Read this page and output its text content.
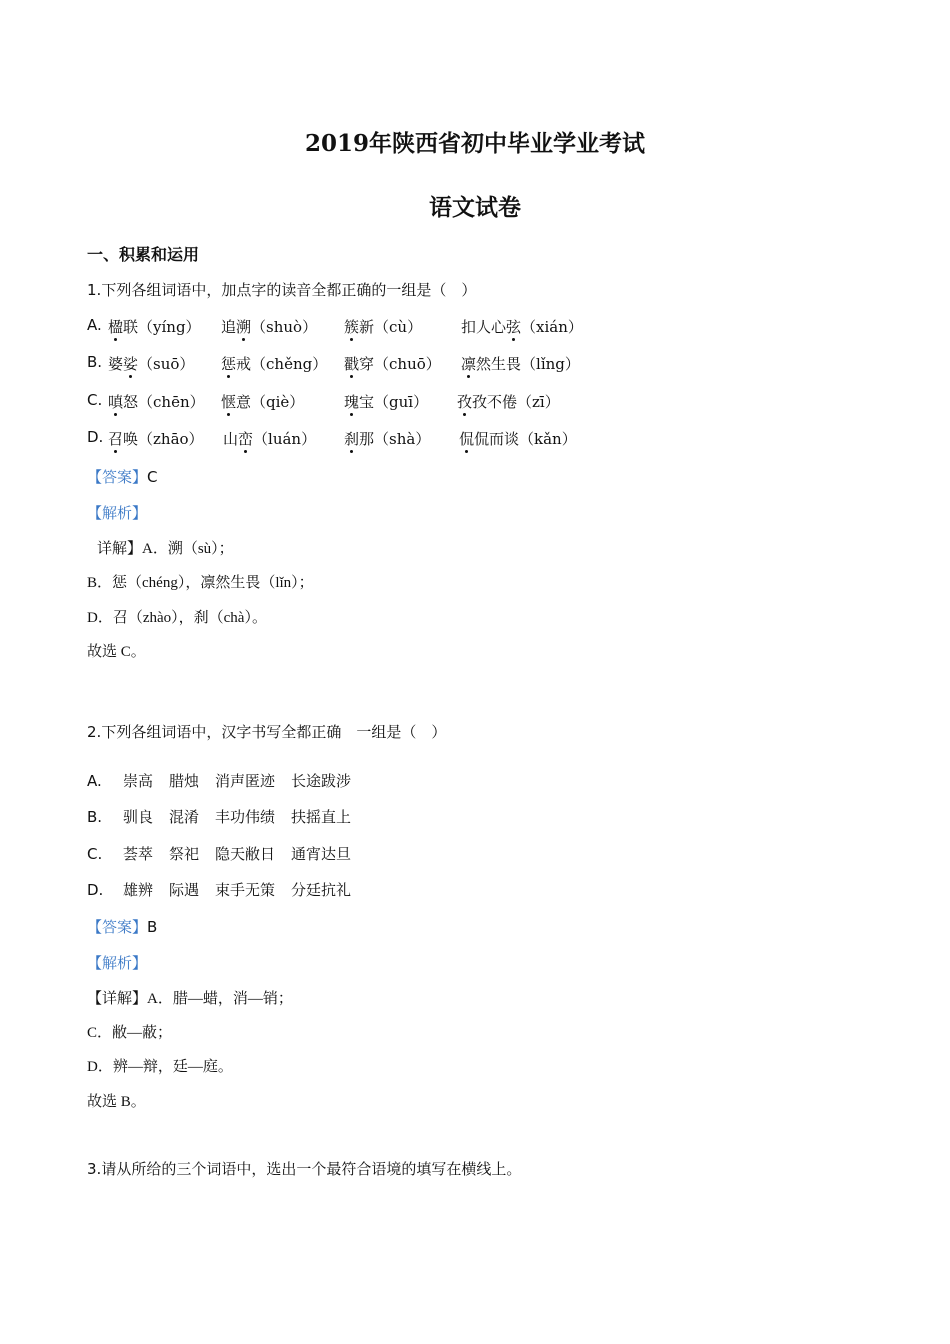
2019年陕西省初中毕业学业考试
语文试卷
一、积累和运用
1.下列各组词语中，加点字的读音全都正确的一组是（　）
A. 楹联（yíng） 追溯（shuò） 簇新（cù）	扣人心弦（xián）
B. 婆娑（suō） 惩戒（chěng） 戳穿（chuō） 凛然生畏（lǐng）
C. 嗔怒（chēn） 惬意（qiè）	瑰宝（guī） 孜孜不倦（zī）
D. 召唤（zhāo） 山峦（luán） 刹那（shà） 侃侃而谈（kǎn）
【答案】C
【解析】
详解】A．溯（sù）；
B．惩（chéng），凛然生畏（lǐn）；
D．召（zhào），刹（chà）。
故选 C。
2.下列各组词语中，汉字书写全都正确　一组是（　）
A. 崇高 腊烛 消声匿迹 长途跋涉
B. 驯良 混淆 丰功伟绩 扶摇直上
C. 荟萃 祭祀 隐天敝日 通宵达旦
D. 雄辨 际遇 束手无策 分廷抗礼
【答案】B
【解析】
【详解】A．腊—蜡，消—销；
C．敝—蔽；
D．辨—辩，廷—庭。
故选 B。
3.请从所给的三个词语中，选出一个最符合语境的填写在横线上。
